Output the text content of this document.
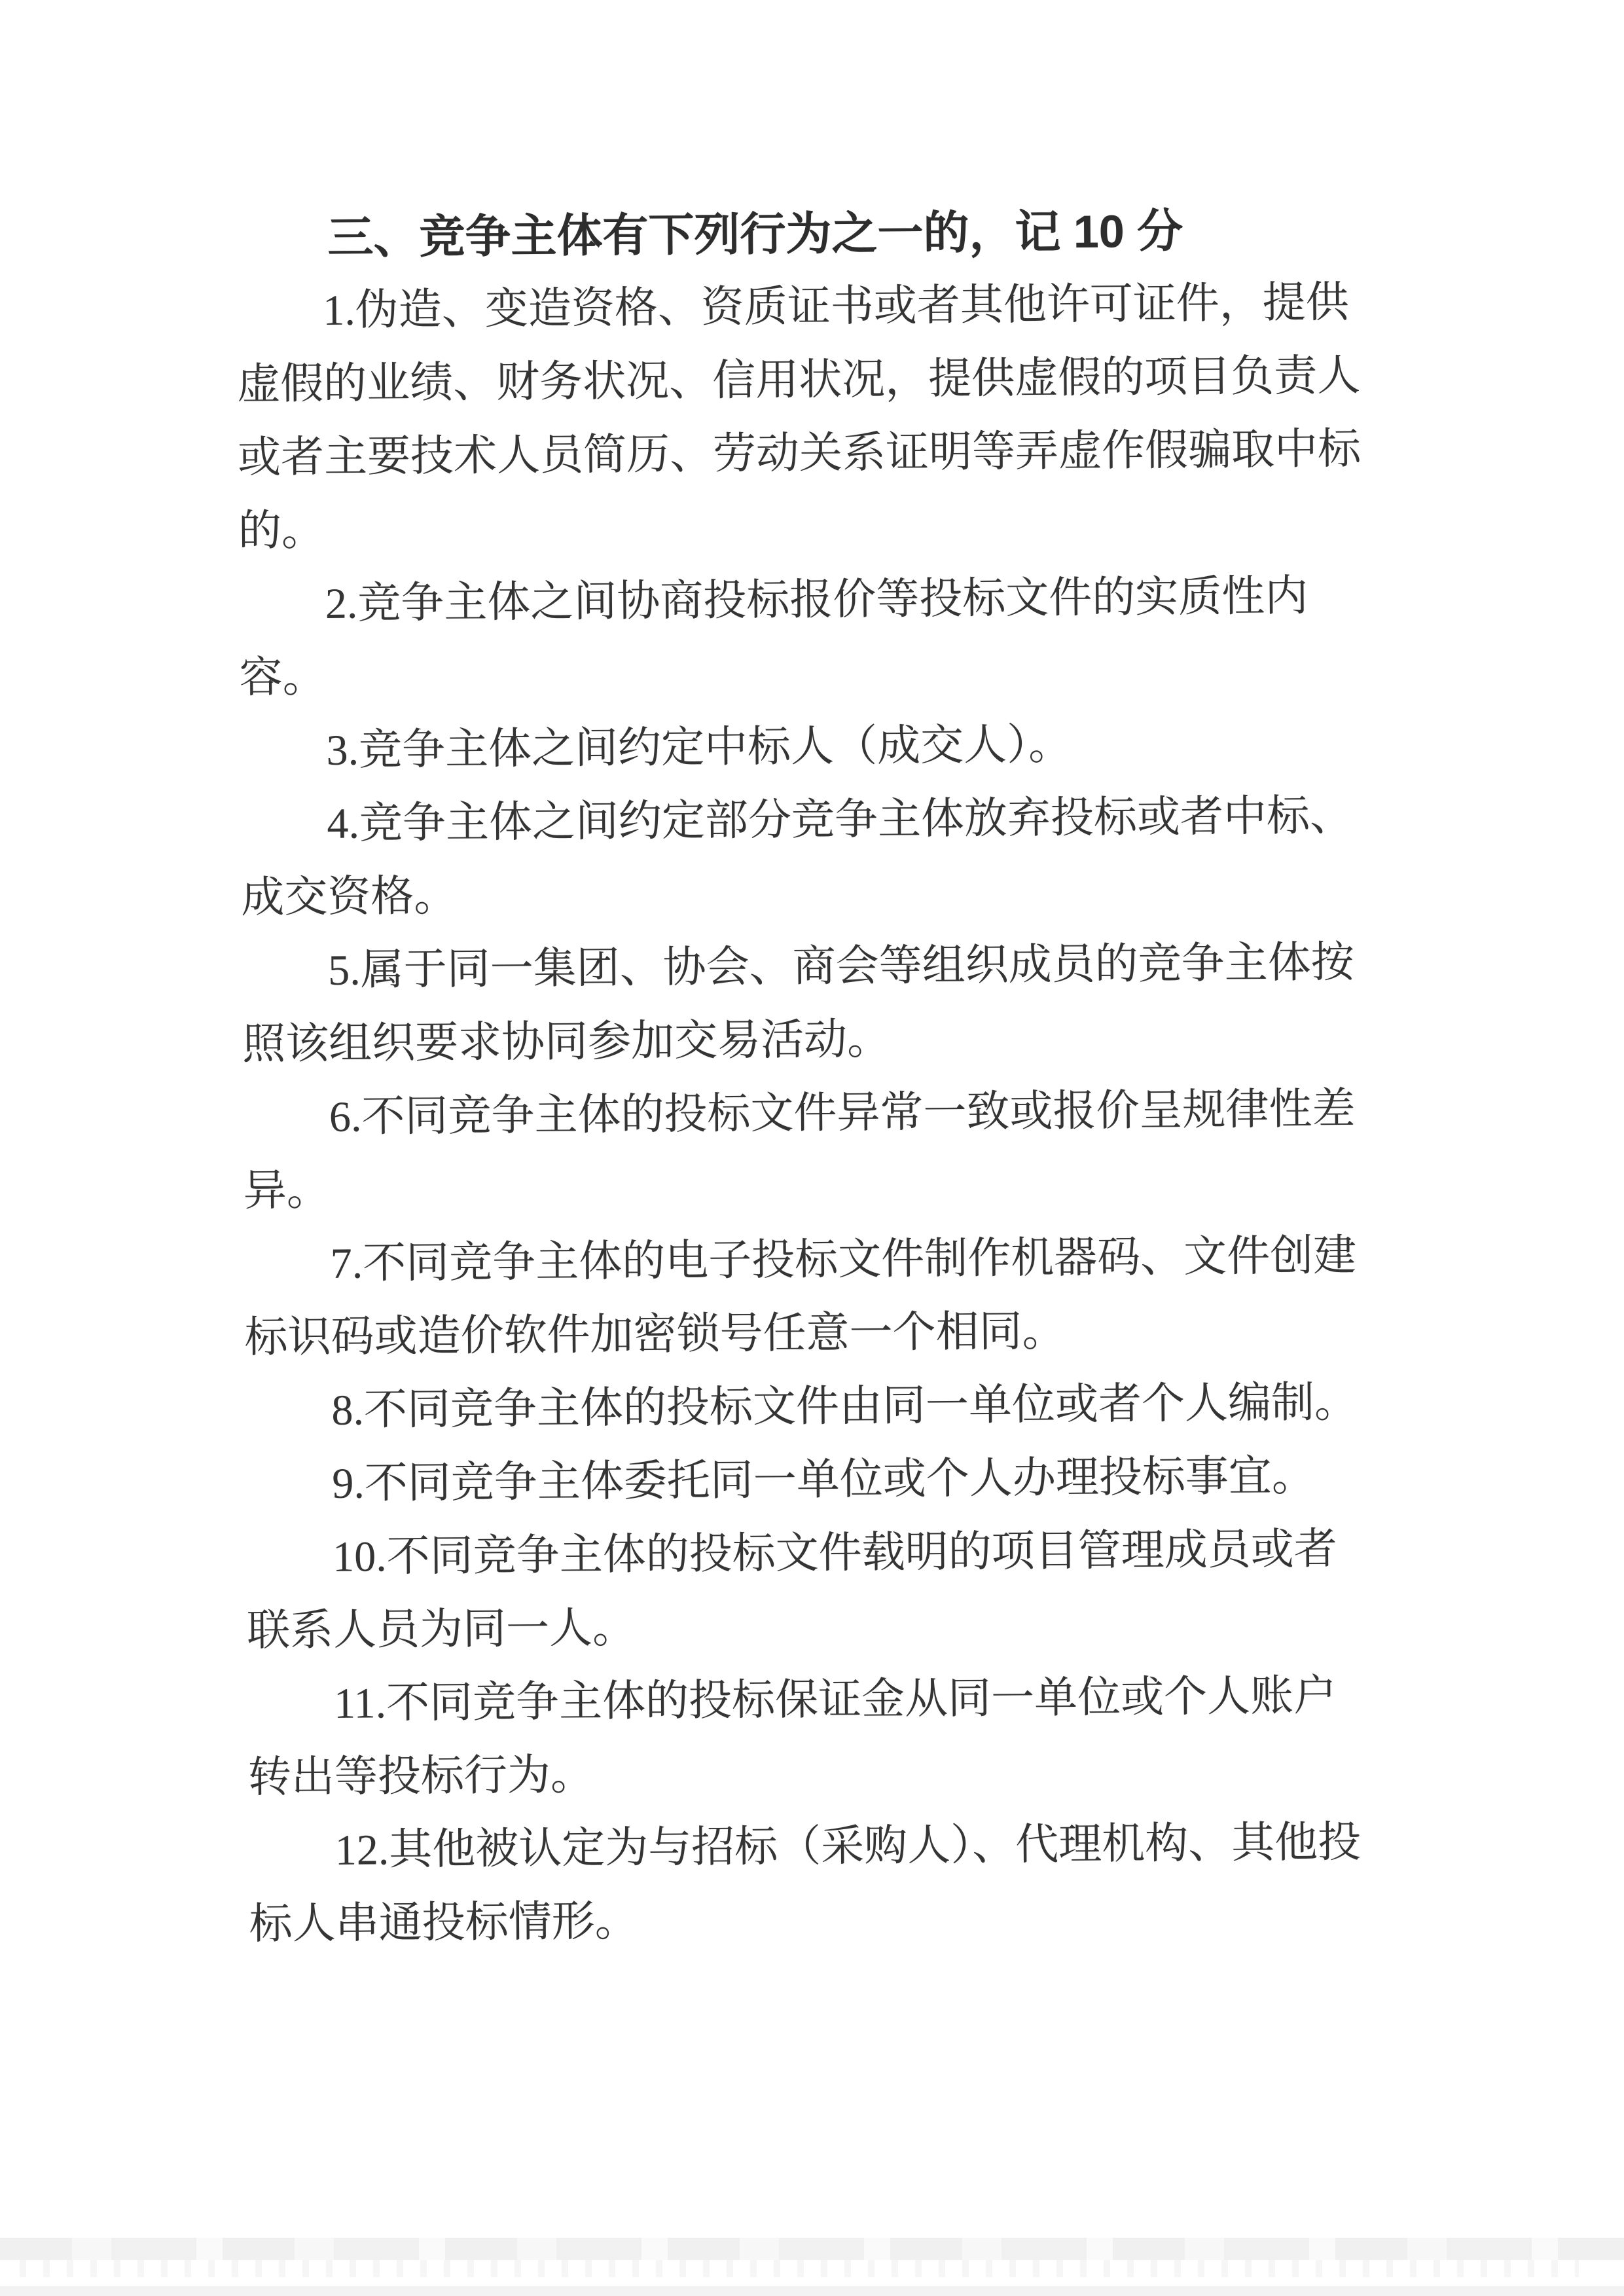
三、竞争主体有下列行为之一的，记 10 分

1.伪造、变造资格、资质证书或者其他许可证件，提供
虚假的业绩、财务状况、信用状况，提供虚假的项目负责人
或者主要技术人员简历、劳动关系证明等弄虚作假骗取中标
的。

2.竞争主体之间协商投标报价等投标文件的实质性内
容。

3.竞争主体之间约定中标人（成交人）。

4.竞争主体之间约定部分竞争主体放弃投标或者中标、
成交资格。

5.属于同一集团、协会、商会等组织成员的竞争主体按
照该组织要求协同参加交易活动。

6.不同竞争主体的投标文件异常一致或报价呈规律性差
异。

7.不同竞争主体的电子投标文件制作机器码、文件创建
标识码或造价软件加密锁号任意一个相同。

8.不同竞争主体的投标文件由同一单位或者个人编制。

9.不同竞争主体委托同一单位或个人办理投标事宜。

10.不同竞争主体的投标文件载明的项目管理成员或者
联系人员为同一人。

11.不同竞争主体的投标保证金从同一单位或个人账户
转出等投标行为。

12.其他被认定为与招标（采购人）、代理机构、其他投
标人串通投标情形。
